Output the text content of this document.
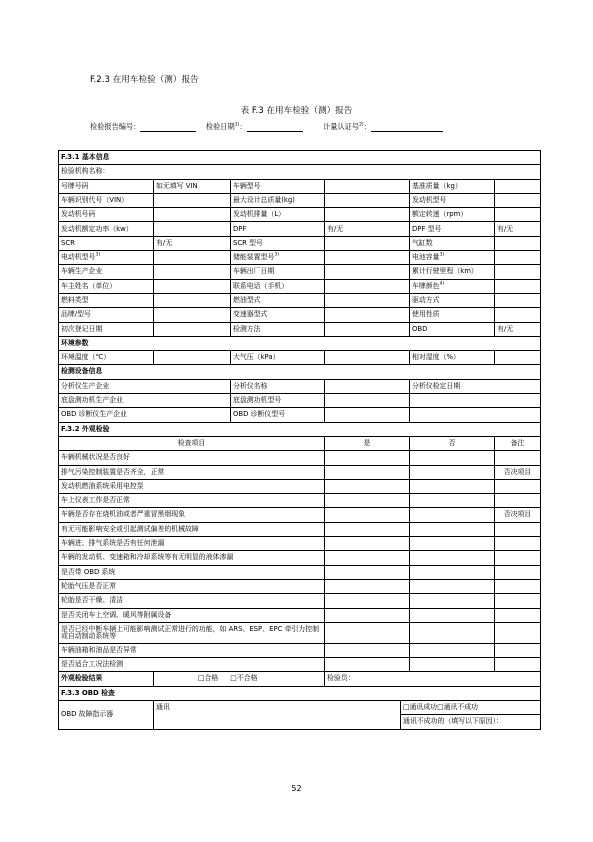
F.2.3 在用车检验（测）报告
表 F.3 在用车检验（测）报告
检验报告编号：	检验日期$^{1)}$：	计量认证号$^{2)}$：
F.3.1 基本信息						
检验机构名称：						
号牌号码	如无填写 VIN	车辆型号			基准质量（kg）	
车辆识别代号（VIN）		最大设计总质量(kg)			发动机型号	
发动机号码		发动机排量（L）			额定转速（rpm）	
发动机额定功率（kw）		DPF	有/无		DPF 型号	有/无
SCR	有/无	SCR 型号			气缸数	
电动机型号$^{3)}$		储能装置型号$^{3)}$			电池容量$^{3)}$	
车辆生产企业		车辆出厂日期			累计行驶里程（km）	
车主姓名（单位）		联系电话（手机）			车牌颜色$^{4)}$	
燃料类型		燃油型式			驱动方式	
品牌/型号		变速器型式			使用性质	
初次登记日期		检测方法			OBD	有/无
环境参数						
环境温度（℃）		大气压（kPa）			相对湿度（%）	
检测设备信息						
分析仪生产企业		分析仪名称			分析仪检定日期	
底盘测功机生产企业		底盘测功机型号				
OBD 诊断仪生产企业		OBD 诊断仪型号				
F.3.2 外观检验						
检查项目			是		否	备注
车辆机械状况是否良好						
排气污染控制装置是否齐全，正常						否决项目
发动机燃油系统采用电控泵						
车上仪表工作是否正常						
车辆是否存在烧机油或者严重冒黑烟现象						否决项目
有无可能影响安全或引起测试偏差的机械故障						
车辆进、排气系统是否有任何泄漏						
车辆的发动机、变速箱和冷却系统等有无明显的液体渗漏						
是否带 OBD 系统						
轮胎气压是否正常						
轮胎是否干燥、清洁						
是否关闭车上空调、暖风等附属设备						
是否已经中断车辆上可能影响测试正常进行的功能，如 ARS、ESP、EPC 牵引力控制或自动制动系统等						
车辆油箱和油品是否异常						
是否适合工况法检测						
外观检验结果	□合格 □不合格		检验员：			
F.3.3 OBD 检查						
OBD 故障指示器	通讯			□通讯成功□通讯不成功		
				通讯不成功的（填写以下原因）：		
52
